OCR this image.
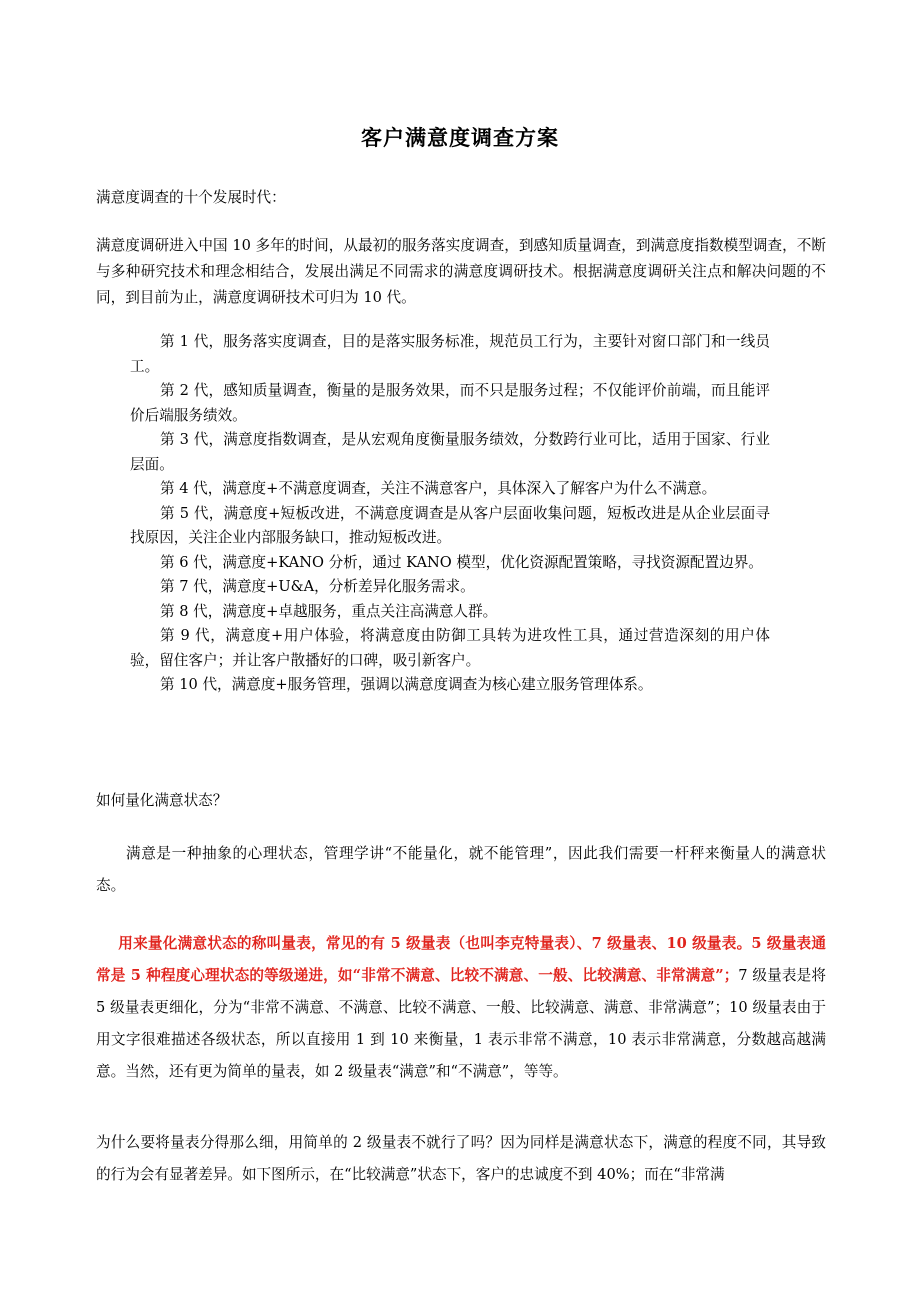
客户满意度调查方案

满意度调查的十个发展时代：

满意度调研进入中国 10 多年的时间，从最初的服务落实度调查，到感知质量调查，到满意度指数模型调查，不断与多种研究技术和理念相结合，发展出满足不同需求的满意度调研技术。根据满意度调研关注点和解决问题的不同，到目前为止，满意度调研技术可归为 10 代。

第 1 代，服务落实度调查，目的是落实服务标准，规范员工行为，主要针对窗口部门和一线员工。
第 2 代，感知质量调查，衡量的是服务效果，而不只是服务过程；不仅能评价前端，而且能评价后端服务绩效。
第 3 代，满意度指数调查，是从宏观角度衡量服务绩效，分数跨行业可比，适用于国家、行业层面。
第 4 代，满意度+不满意度调查，关注不满意客户，具体深入了解客户为什么不满意。
第 5 代，满意度+短板改进，不满意度调查是从客户层面收集问题，短板改进是从企业层面寻找原因，关注企业内部服务缺口，推动短板改进。
第 6 代，满意度+KANO 分析，通过 KANO 模型，优化资源配置策略，寻找资源配置边界。
第 7 代，满意度+U&A，分析差异化服务需求。
第 8 代，满意度+卓越服务，重点关注高满意人群。
第 9 代，满意度+用户体验，将满意度由防御工具转为进攻性工具，通过营造深刻的用户体验，留住客户；并让客户散播好的口碑，吸引新客户。
第 10 代，满意度+服务管理，强调以满意度调查为核心建立服务管理体系。

如何量化满意状态？

满意是一种抽象的心理状态，管理学讲“不能量化，就不能管理”，因此我们需要一杆秤来衡量人的满意状态。

用来量化满意状态的称叫量表，常见的有 5 级量表（也叫李克特量表）、7 级量表、10 级量表。5 级量表通常是 5 种程度心理状态的等级递进，如“非常不满意、比较不满意、一般、比较满意、非常满意”；7 级量表是将 5 级量表更细化，分为“非常不满意、不满意、比较不满意、一般、比较满意、满意、非常满意”；10 级量表由于用文字很难描述各级状态，所以直接用 1 到 10 来衡量，1 表示非常不满意，10 表示非常满意，分数越高越满意。当然，还有更为简单的量表，如 2 级量表“满意”和“不满意”，等等。

为什么要将量表分得那么细，用简单的 2 级量表不就行了吗？因为同样是满意状态下，满意的程度不同，其导致的行为会有显著差异。如下图所示，在“比较满意”状态下，客户的忠诚度不到 40%；而在“非常满
